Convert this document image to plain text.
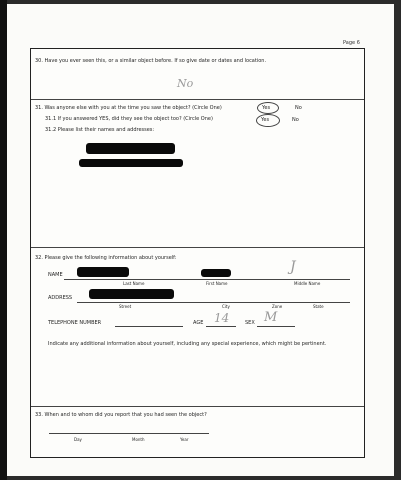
Page 6
30. Have you ever seen this, or a similar object before. If so give date or dates and location.
No
31. Was anyone else with you at the time you saw the object? (Circle One)	Yes	No
31.1 If you answered YES, did they see the object too? (Circle One)	Yes	No
31.2 Please list their names and addresses:
32. Please give the following information about yourself:
NAME	J
Last Name	First Name	Middle Name
ADDRESS
Street	City	Zone	State
TELEPHONE NUMBER	AGE 14	SEX M
Indicate any additional information about yourself, including any special experience, which might be pertinent.
33. When and to whom did you report that you had seen the object?
Day	Month	Year
